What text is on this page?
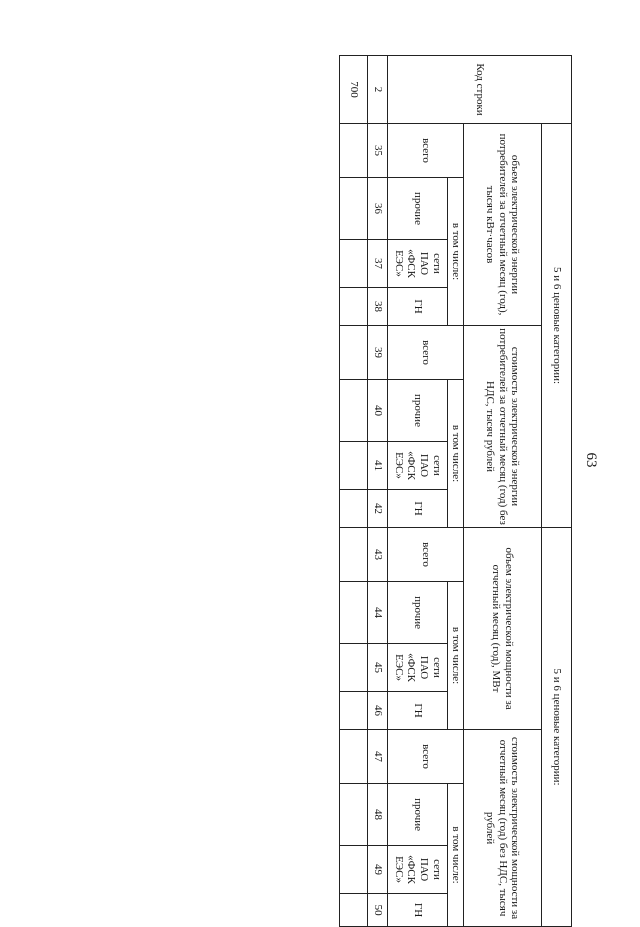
63
Код строки	5 и 6 ценовые категории:								5 и 6 ценовые категории:							
	объем электрической энергии потребителей за отчетный месяц (год), тысяч кВт·часов				стоимость электрической энергии потребителей за отчетный месяц (год) без НДС, тысяч рублей				объем электрической мощности за отчетный месяц (год), МВт				стоимость электрической мощности за отчетный месяц (год) без НДС, тысяч рублей			
	всего	в том числе:			всего	в том числе:			всего	в том числе:			всего	в том числе:		
		прочие	сети ПАО «ФСК ЕЭС»	ГН		прочие	сети ПАО «ФСК ЕЭС»	ГН		прочие	сети ПАО «ФСК ЕЭС»	ГН		прочие	сети ПАО «ФСК ЕЭС»	ГН
2	35	36	37	38	39	40	41	42	43	44	45	46	47	48	49	50
700																
